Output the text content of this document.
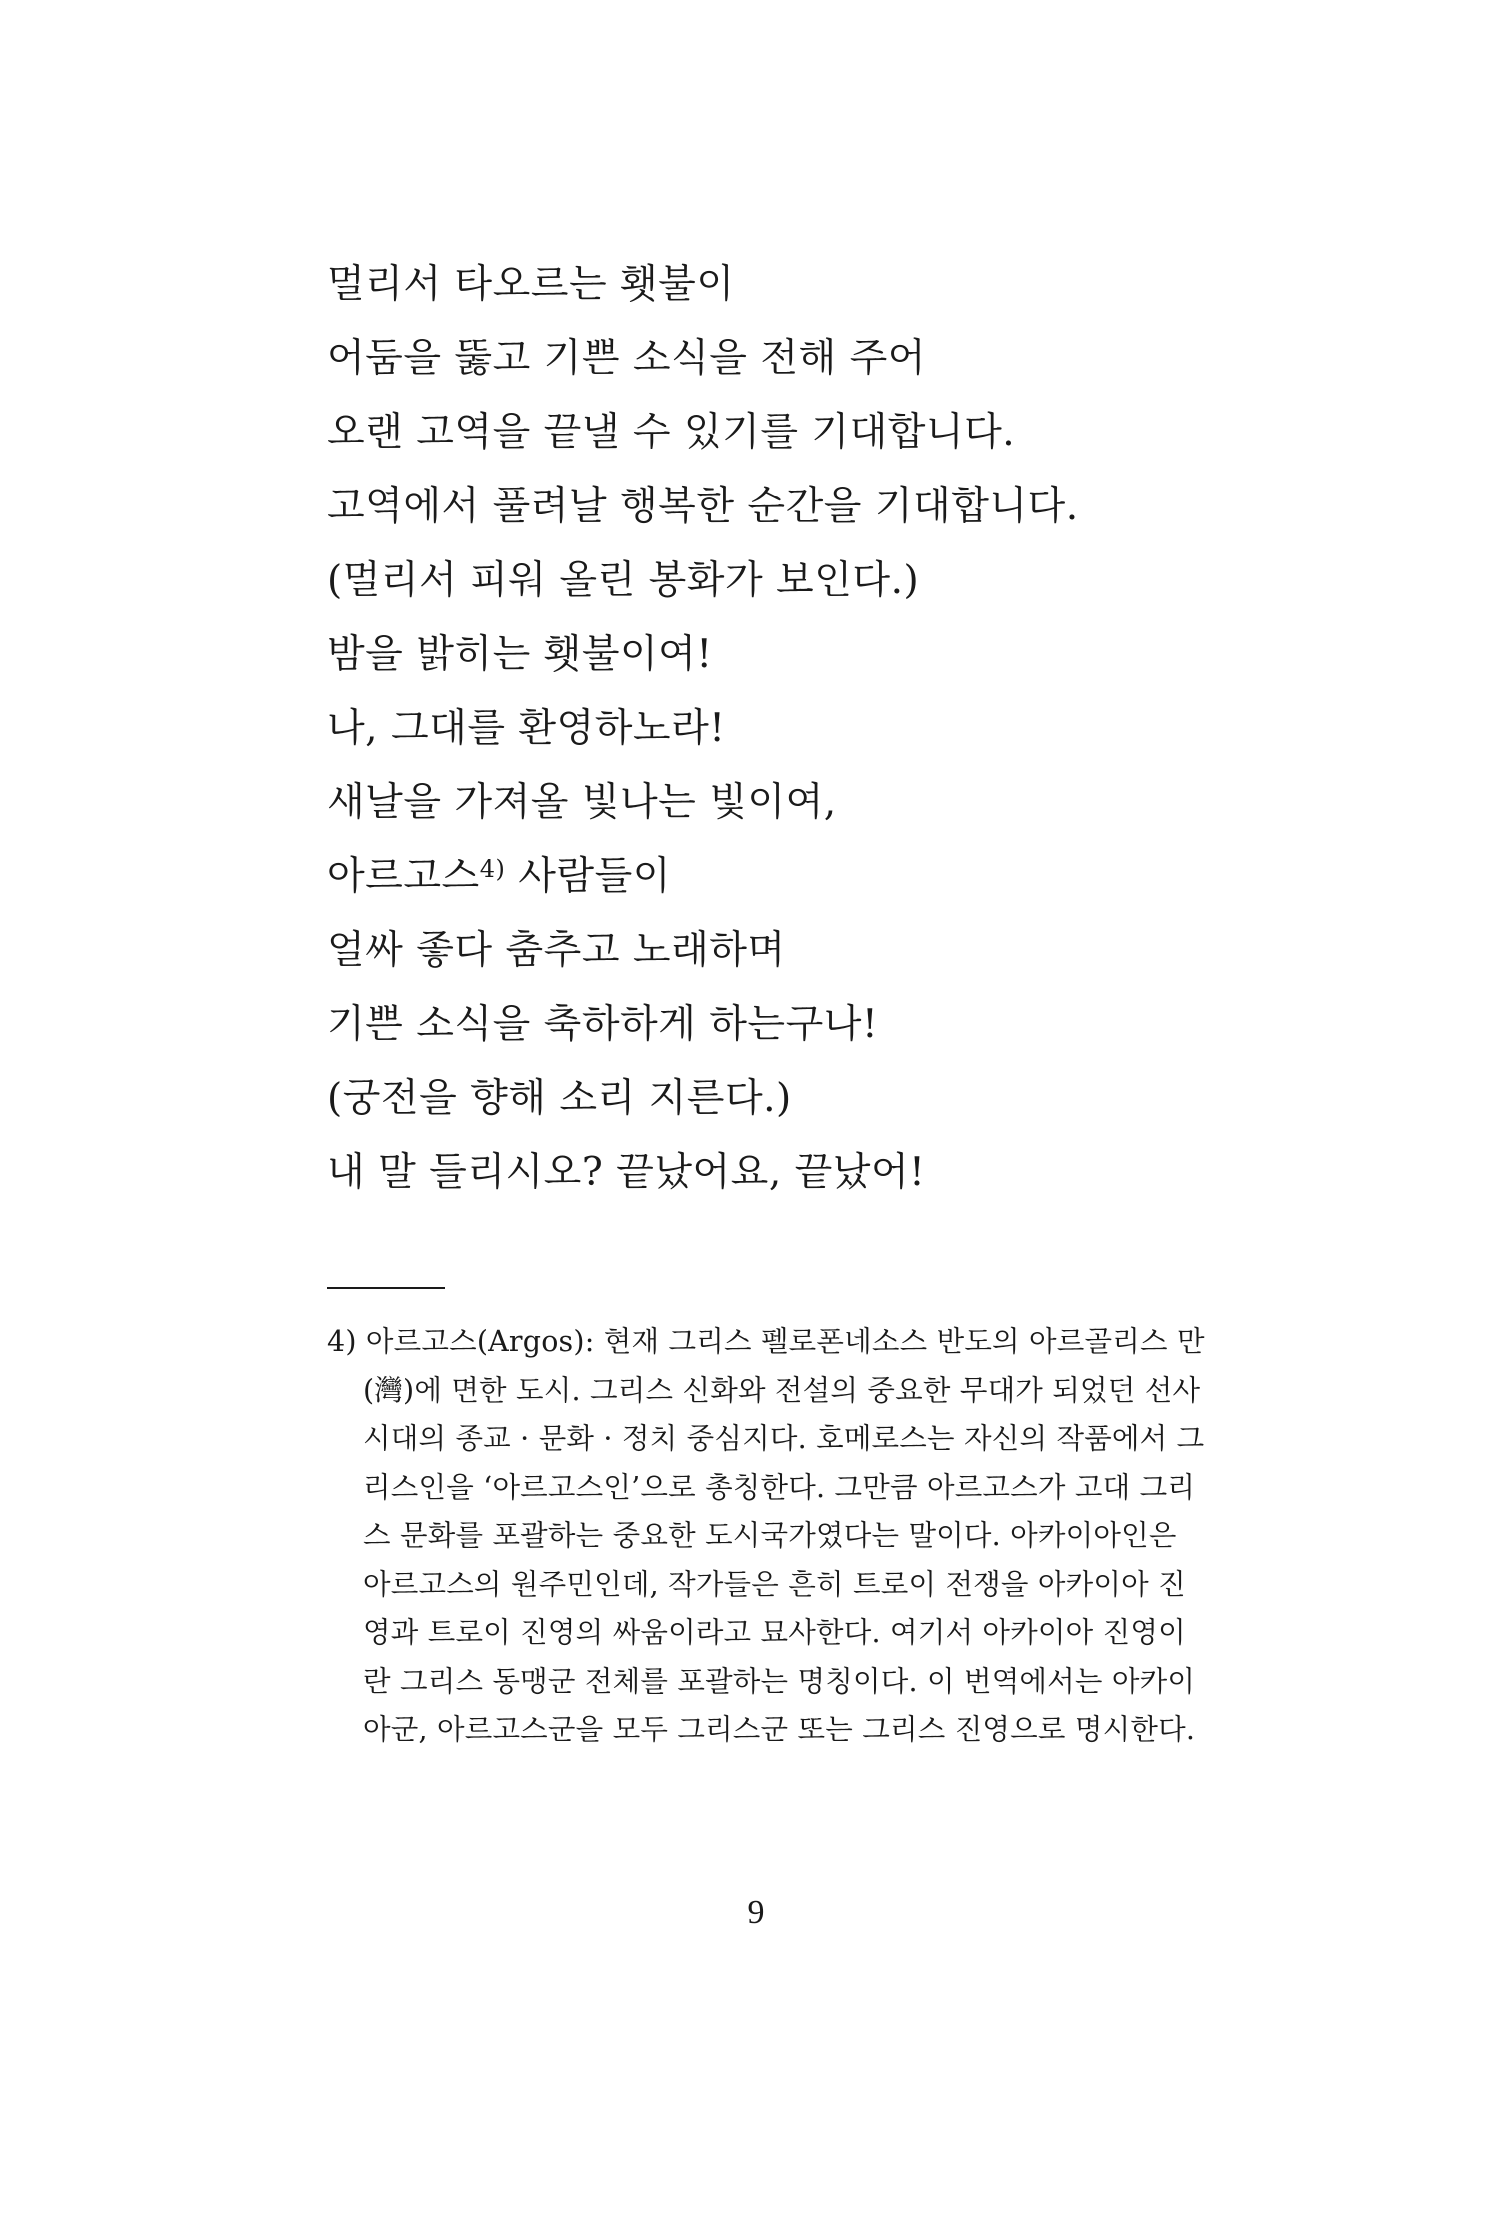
멀리서 타오르는 횃불이
어둠을 뚫고 기쁜 소식을 전해 주어
오랜 고역을 끝낼 수 있기를 기대합니다.
고역에서 풀려날 행복한 순간을 기대합니다.
(멀리서 피워 올린 봉화가 보인다.)
밤을 밝히는 횃불이여!
나, 그대를 환영하노라!
새날을 가져올 빛나는 빛이여,
아르고스$^{4)}$ 사람들이
얼싸 좋다 춤추고 노래하며
기쁜 소식을 축하하게 하는구나!
(궁전을 향해 소리 지른다.)
내 말 들리시오? 끝났어요, 끝났어!
4) 아르고스(Argos): 현재 그리스 펠로폰네소스 반도의 아르골리스 만
(灣)에 면한 도시. 그리스 신화와 전설의 중요한 무대가 되었던 선사
시대의 종교 · 문화 · 정치 중심지다. 호메로스는 자신의 작품에서 그
리스인을 ‘아르고스인’으로 총칭한다. 그만큼 아르고스가 고대 그리
스 문화를 포괄하는 중요한 도시국가였다는 말이다. 아카이아인은
아르고스의 원주민인데, 작가들은 흔히 트로이 전쟁을 아카이아 진
영과 트로이 진영의 싸움이라고 묘사한다. 여기서 아카이아 진영이
란 그리스 동맹군 전체를 포괄하는 명칭이다. 이 번역에서는 아카이
아군, 아르고스군을 모두 그리스군 또는 그리스 진영으로 명시한다.
9
